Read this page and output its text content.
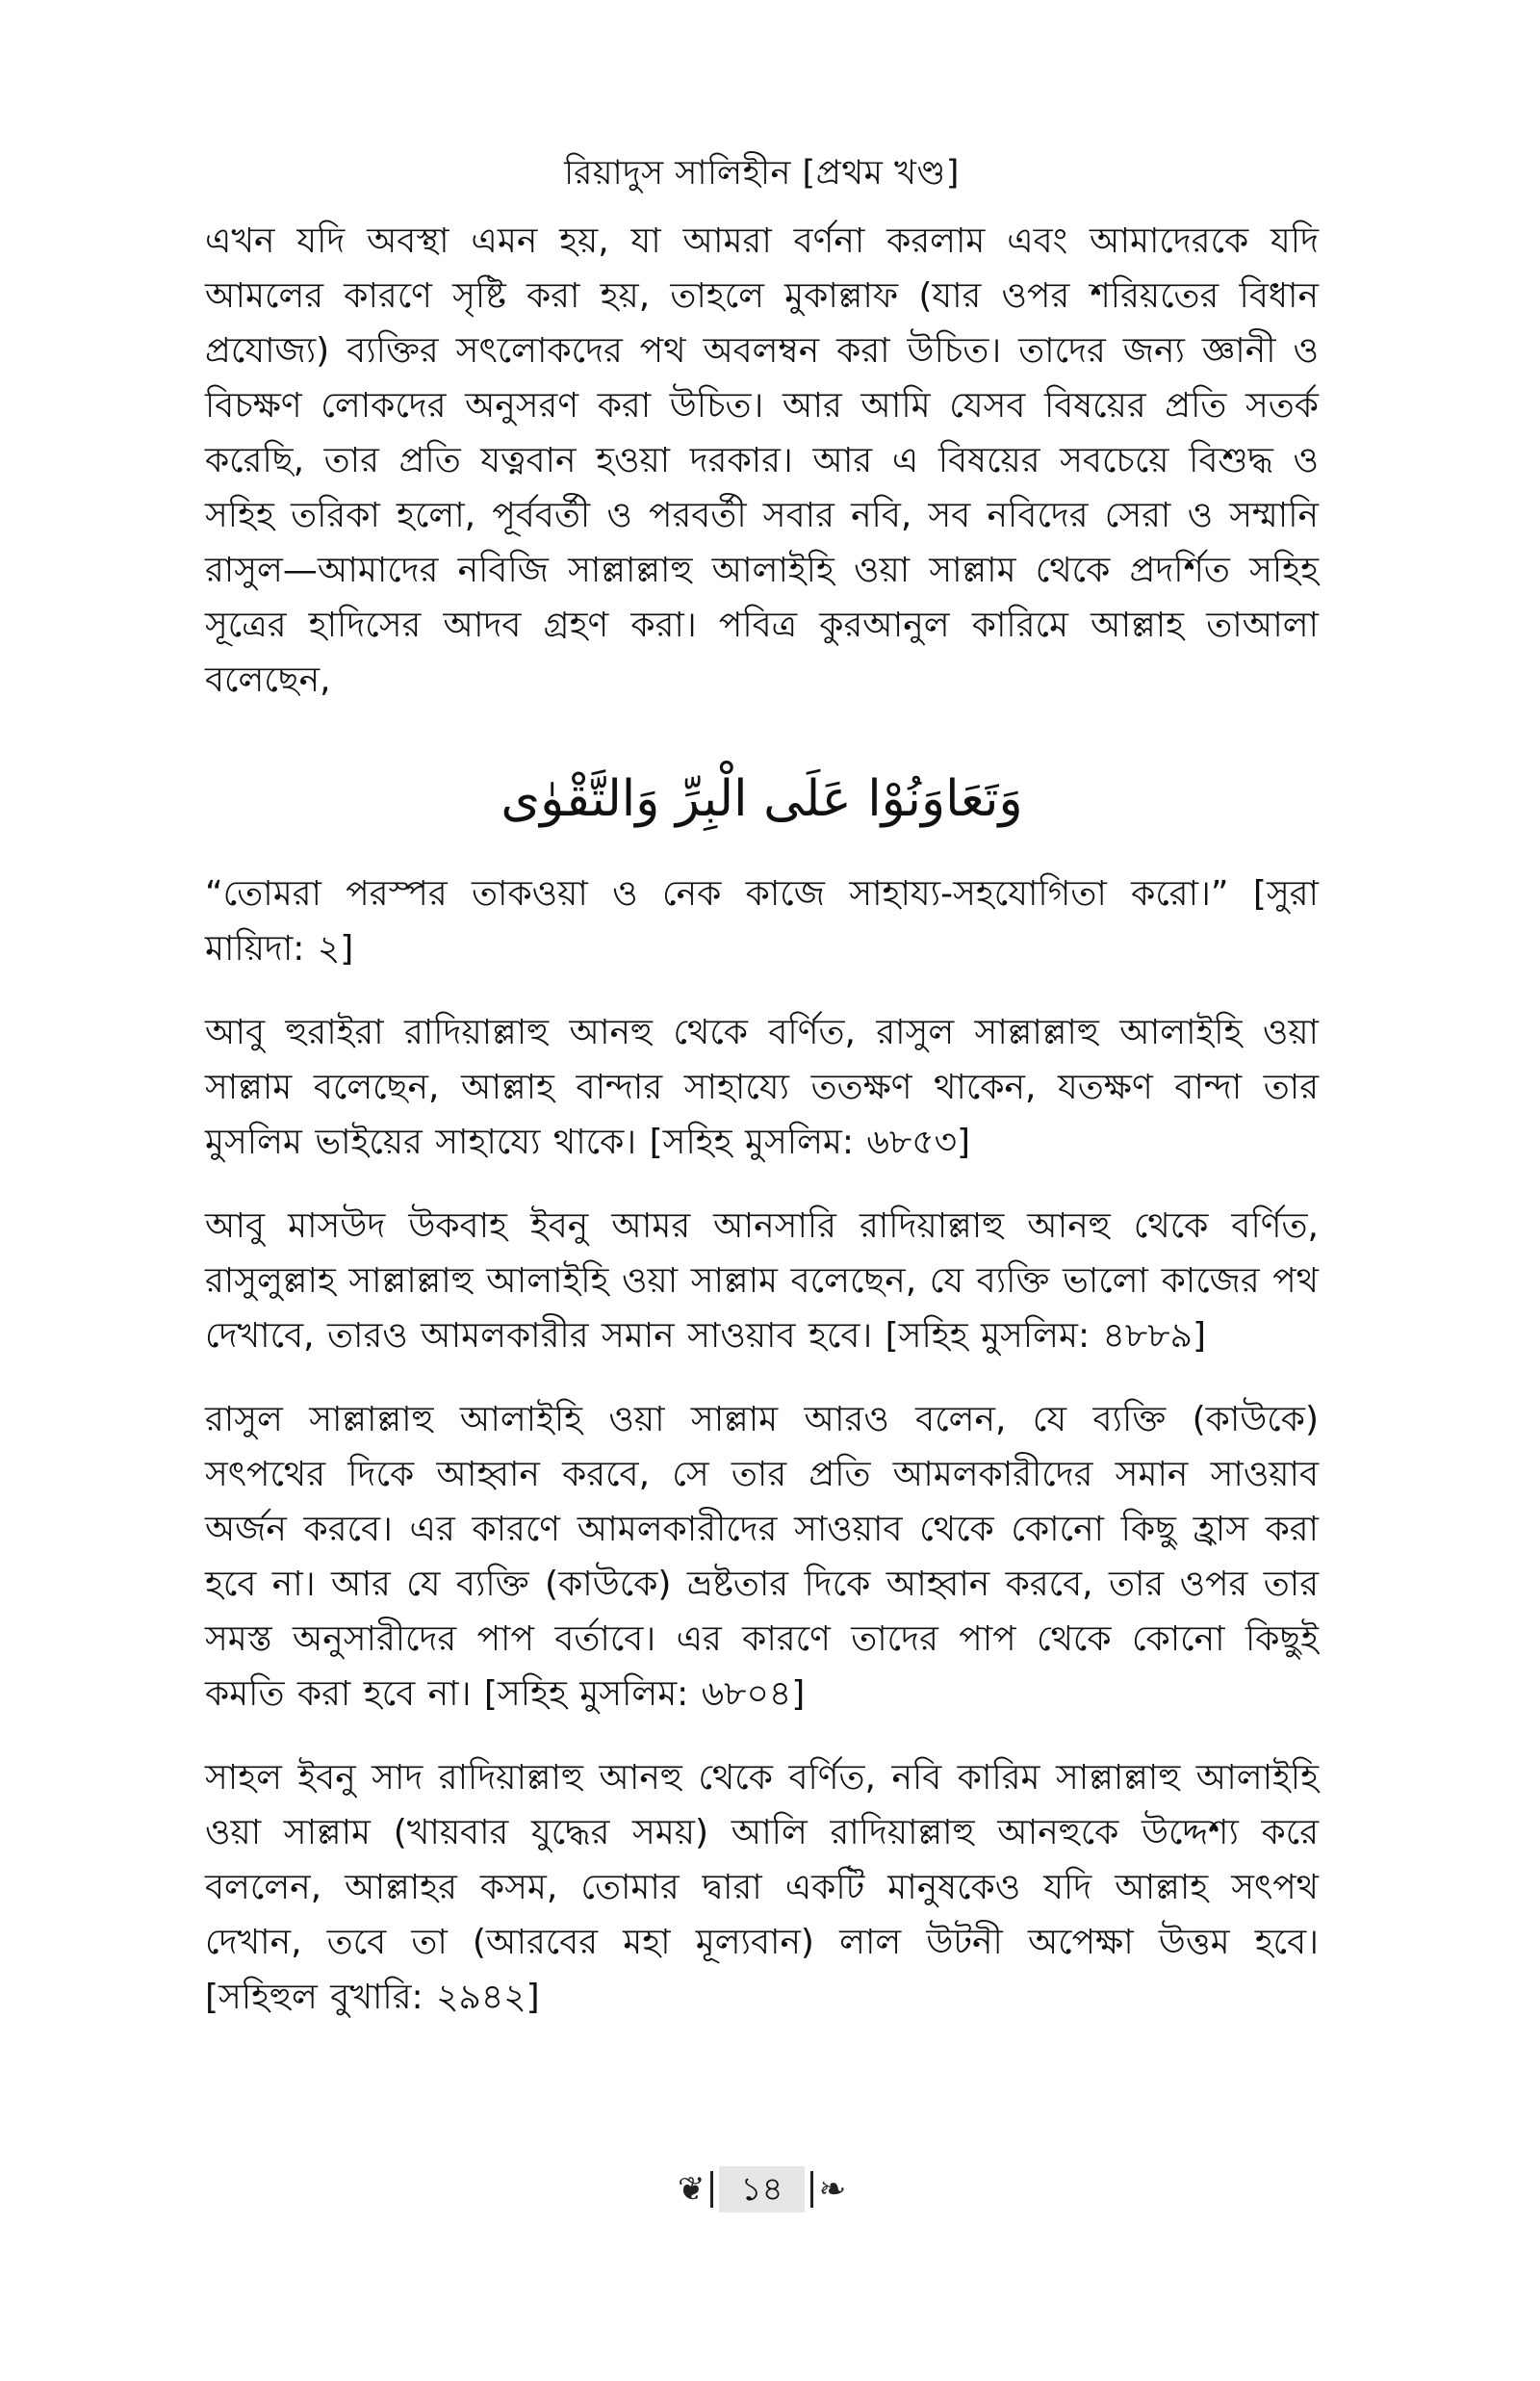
রিয়াদুস সালিহীন [প্রথম খণ্ড]

এখন যদি অবস্থা এমন হয়, যা আমরা বর্ণনা করলাম এবং আমাদেরকে যদি আমলের কারণে সৃষ্টি করা হয়, তাহলে মুকাল্লাফ (যার ওপর শরিয়তের বিধান প্রযোজ্য) ব্যক্তির সৎলোকদের পথ অবলম্বন করা উচিত। তাদের জন্য জ্ঞানী ও বিচক্ষণ লোকদের অনুসরণ করা উচিত। আর আমি যেসব বিষয়ের প্রতি সতর্ক করেছি, তার প্রতি যত্নবান হওয়া দরকার। আর এ বিষয়ের সবচেয়ে বিশুদ্ধ ও সহিহ তরিকা হলো, পূর্ববর্তী ও পরবর্তী সবার নবি, সব নবিদের সেরা ও সম্মানি রাসুল—আমাদের নবিজি সাল্লাল্লাহু আলাইহি ওয়া সাল্লাম থেকে প্রদর্শিত সহিহ সূত্রের হাদিসের আদব গ্রহণ করা। পবিত্র কুরআনুল কারিমে আল্লাহ তাআলা বলেছেন,

وَتَعَاوَنُوْا عَلَى الْبِرِّ وَالتَّقْوٰى

“তোমরা পরস্পর তাকওয়া ও নেক কাজে সাহায্য-সহযোগিতা করো।” [সুরা মায়িদা: ২]

আবু হুরাইরা রাদিয়াল্লাহু আনহু থেকে বর্ণিত, রাসুল সাল্লাল্লাহু আলাইহি ওয়া সাল্লাম বলেছেন, আল্লাহ বান্দার সাহায্যে ততক্ষণ থাকেন, যতক্ষণ বান্দা তার মুসলিম ভাইয়ের সাহায্যে থাকে। [সহিহ মুসলিম: ৬৮৫৩]

আবু মাসউদ উকবাহ ইবনু আমর আনসারি রাদিয়াল্লাহু আনহু থেকে বর্ণিত, রাসুলুল্লাহ সাল্লাল্লাহু আলাইহি ওয়া সাল্লাম বলেছেন, যে ব্যক্তি ভালো কাজের পথ দেখাবে, তারও আমলকারীর সমান সাওয়াব হবে। [সহিহ মুসলিম: ৪৮৮৯]

রাসুল সাল্লাল্লাহু আলাইহি ওয়া সাল্লাম আরও বলেন, যে ব্যক্তি (কাউকে) সৎপথের দিকে আহ্বান করবে, সে তার প্রতি আমলকারীদের সমান সাওয়াব অর্জন করবে। এর কারণে আমলকারীদের সাওয়াব থেকে কোনো কিছু হ্রাস করা হবে না। আর যে ব্যক্তি (কাউকে) ভ্রষ্টতার দিকে আহ্বান করবে, তার ওপর তার সমস্ত অনুসারীদের পাপ বর্তাবে। এর কারণে তাদের পাপ থেকে কোনো কিছুই কমতি করা হবে না। [সহিহ মুসলিম: ৬৮০৪]

সাহল ইবনু সাদ রাদিয়াল্লাহু আনহু থেকে বর্ণিত, নবি কারিম সাল্লাল্লাহু আলাইহি ওয়া সাল্লাম (খায়বার যুদ্ধের সময়) আলি রাদিয়াল্লাহু আনহুকে উদ্দেশ্য করে বললেন, আল্লাহর কসম, তোমার দ্বারা একটি মানুষকেও যদি আল্লাহ সৎপথ দেখান, তবে তা (আরবের মহা মূল্যবান) লাল উটনী অপেক্ষা উত্তম হবে। [সহিহুল বুখারি: ২৯৪২]

❦	১৪	❧
